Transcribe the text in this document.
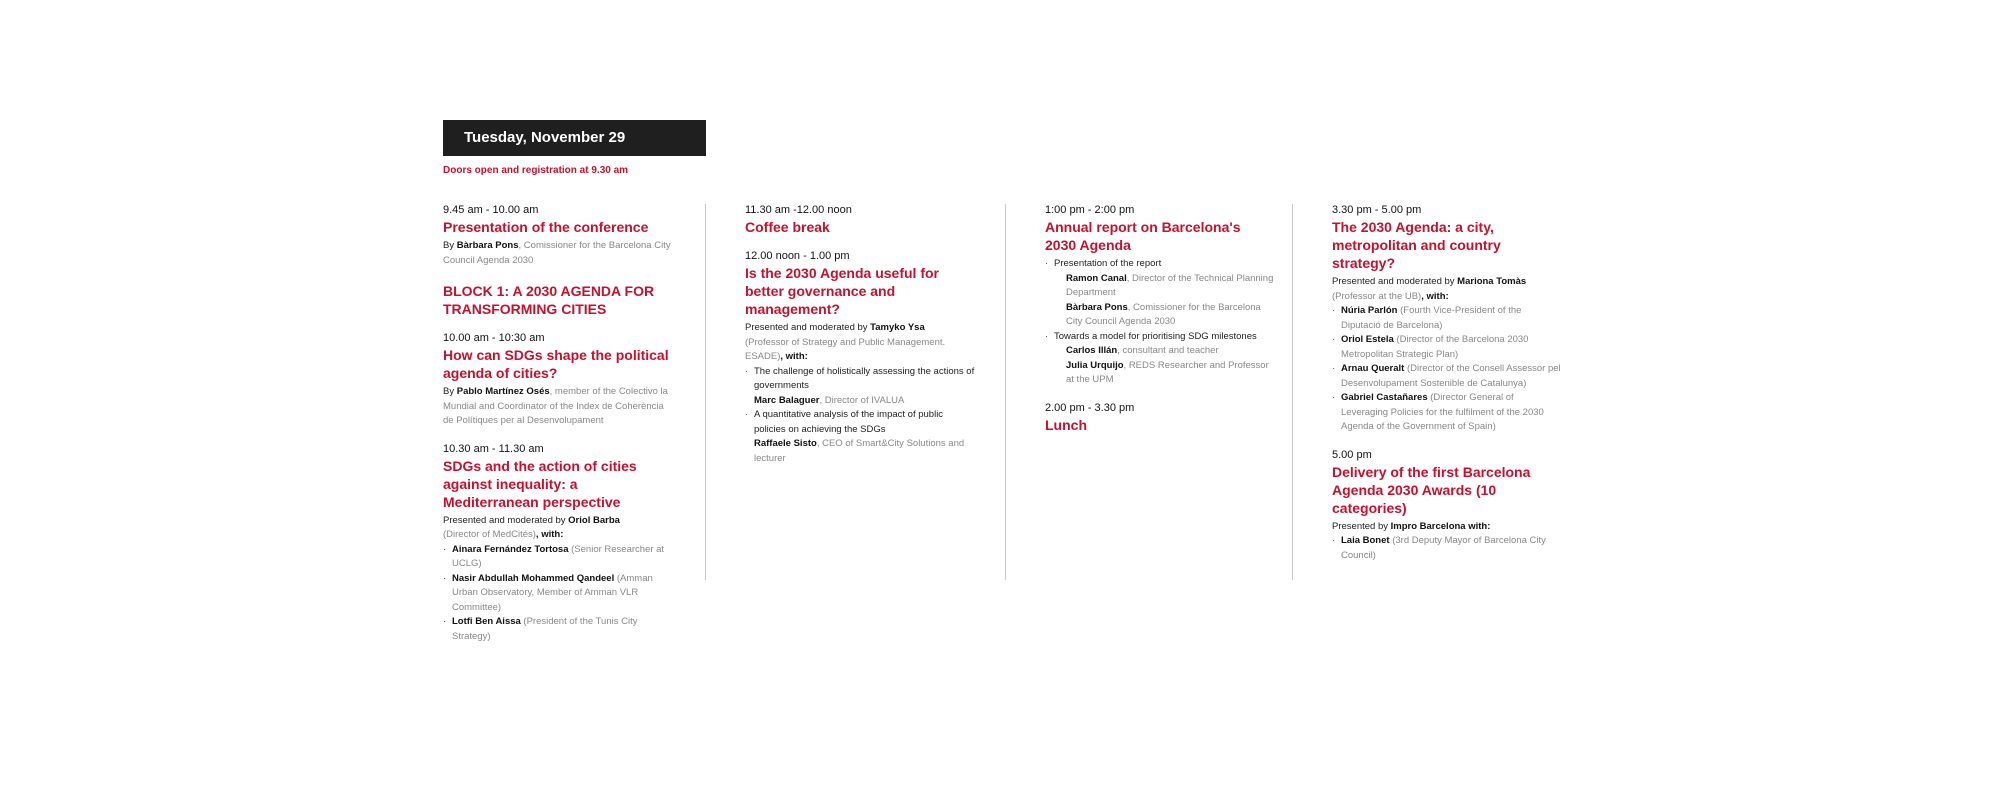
Tuesday, November 29
Doors open and registration at 9.30 am
9.45 am - 10.00 am
Presentation of the conference
By Bàrbara Pons, Comissioner for the Barcelona City Council Agenda 2030
BLOCK 1: A 2030 AGENDA FOR TRANSFORMING CITIES
10.00 am - 10:30 am
How can SDGs shape the political agenda of cities?
By Pablo Martínez Osés, member of the Colectivo la Mundial and Coordinator of the Index de Coherència de Polítiques per al Desenvolupament
10.30 am - 11.30 am
SDGs and the action of cities against inequality: a Mediterranean perspective
Presented and moderated by Oriol Barba
(Director of MedCités), with:
· Ainara Fernández Tortosa (Senior Researcher at UCLG)
· Nasir Abdullah Mohammed Qandeel (Amman Urban Observatory, Member of Amman VLR Committee)
· Lotfi Ben Aissa (President of the Tunis City Strategy)
11.30 am -12.00 noon
Coffee break
12.00 noon - 1.00 pm
Is the 2030 Agenda useful for better governance and management?
Presented and moderated by Tamyko Ysa
(Professor of Strategy and Public Management. ESADE), with:
· The challenge of holistically assessing the actions of governments
Marc Balaguer, Director of IVALUA
· A quantitative analysis of the impact of public policies on achieving the SDGs
Raffaele Sisto, CEO of Smart&City Solutions and lecturer
1:00 pm - 2:00 pm
Annual report on Barcelona's 2030 Agenda
· Presentation of the report
Ramon Canal, Director of the Technical Planning Department
Bàrbara Pons, Comissioner for the Barcelona City Council Agenda 2030
· Towards a model for prioritising SDG milestones
Carlos Illán, consultant and teacher
Julia Urquijo, REDS Researcher and Professor at the UPM
2.00 pm - 3.30 pm
Lunch
3.30 pm - 5.00 pm
The 2030 Agenda: a city, metropolitan and country strategy?
Presented and moderated by Mariona Tomàs
(Professor at the UB), with:
· Núria Parlón (Fourth Vice-President of the Diputació de Barcelona)
· Oriol Estela (Director of the Barcelona 2030 Metropolitan Strategic Plan)
· Arnau Queralt (Director of the Consell Assessor pel Desenvolupament Sostenible de Catalunya)
· Gabriel Castañares (Director General of Leveraging Policies for the fulfilment of the 2030 Agenda of the Government of Spain)
5.00 pm
Delivery of the first Barcelona Agenda 2030 Awards (10 categories)
Presented by Impro Barcelona with:
· Laia Bonet (3rd Deputy Mayor of Barcelona City Council)
